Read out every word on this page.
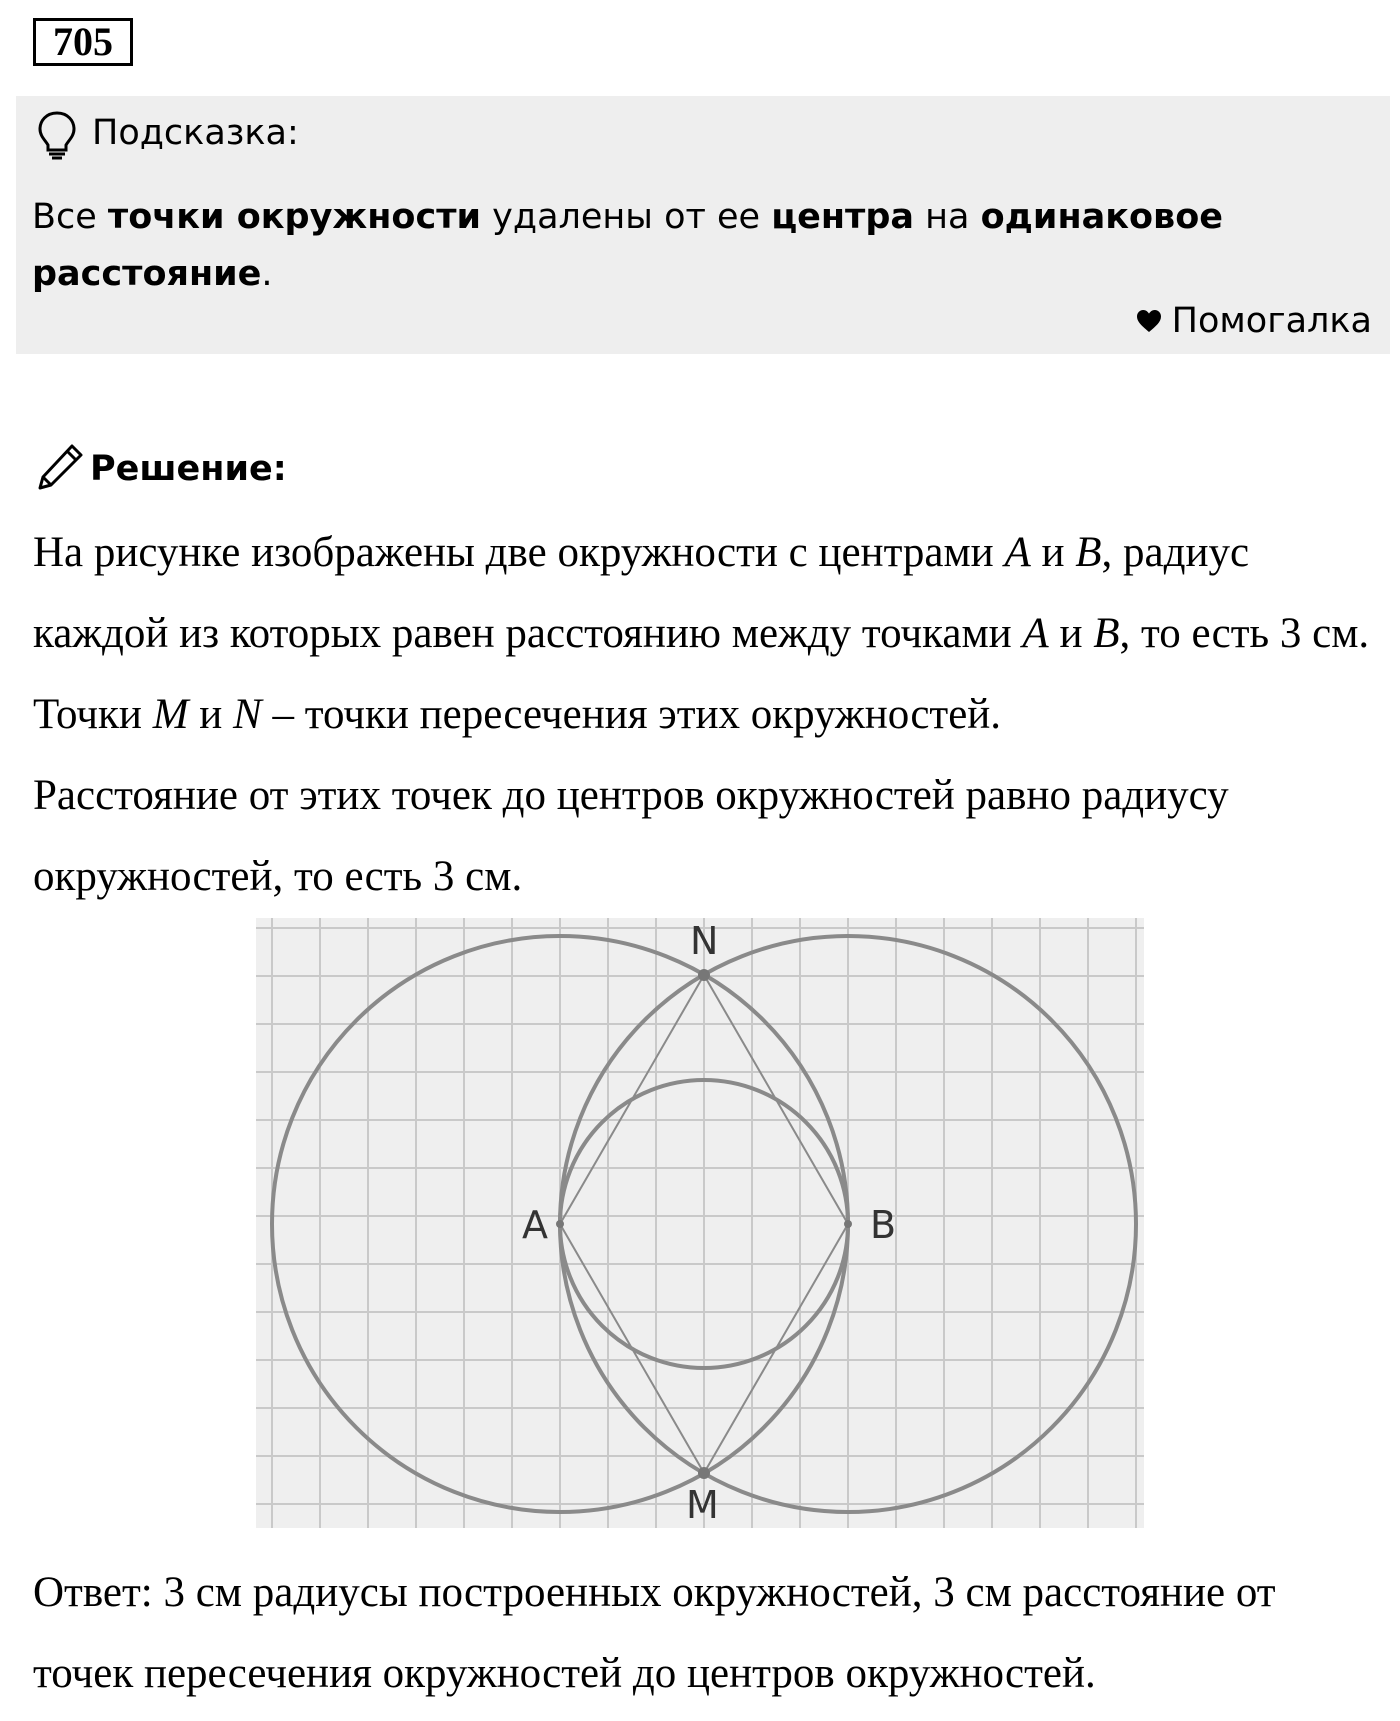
705
Подсказка:
Все точки окружности удалены от ее центра на одинаковое расстояние.
Помогалка
Решение:

На рисунке изображены две окружности с центрами A и B, радиус каждой из которых равен расстоянию между точками A и B, то есть 3 см. Точки M и N – точки пересечения этих окружностей.

Расстояние от этих точек до центров окружностей равно радиусу окружностей, то есть 3 см.

A	B
N
M
Ответ: 3 см радиусы построенных окружностей, 3 см расстояние от точек пересечения окружностей до центров окружностей.
